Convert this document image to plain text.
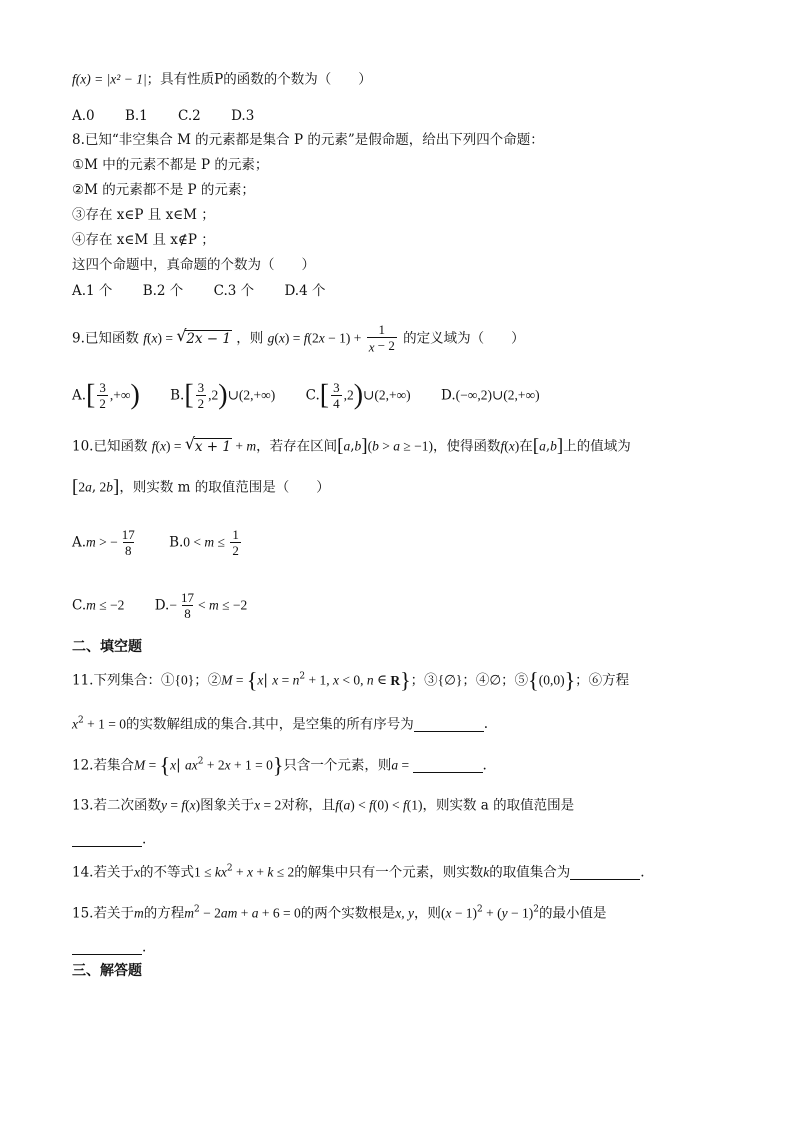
f(x) = |x² − 1|；具有性质P的函数的个数为（　　）
A.0 B.1 C.2 D.3
8.已知“非空集合 M 的元素都是集合 P 的元素”是假命题，给出下列四个命题：
①M 中的元素不都是 P 的元素；
②M 的元素都不是 P 的元素；
③存在 x∈P 且 x∈M ；
④存在 x∈M 且 x∉P ；
这四个命题中，真命题的个数为（　　）
A.1 个 B.2 个 C.3 个 D.4 个
9.已知函数 f(x) = √ 2x − 1 ，则 $g(x) = f(2x - 1) + \frac{1}{x - 2}$ 的定义域为（　　）
$A.[ \frac{3}{2}$ ,+∞) $B.[ \frac{3}{2}$ ,2)∪(2,+∞) $C.[ \frac{3}{4}$ ,2)∪(2,+∞) D.(−∞,2)∪(2,+∞)
10.已知函数 f(x) = √ x + 1 + m，若存在区间[a,b](b > a ≥ −1)，使得函数f(x)在[a,b]上的值域为
[2a, 2b]，则实数 m 的取值范围是（　　）
A.m > − $\frac{17}{8} B.0 < m \le \frac{1}{2}$
C.m ≤ −2 $D.- \frac{17}{8} < m \le -2$
二、填空题
11.下列集合：①{0}；②M = {x| $x = n^2 + 1$, x < 0, n ∈ R}；③{∅}；④∅；⑤{(0,0)}；⑥方程
$x^2 + 1 = 0$的实数解组成的集合.其中，是空集的所有序号为	.
12.若集合M = {x| $ax^2 + 2x + 1 = 0$}只含一个元素，则a =	.
13.若二次函数y = f(x)图象关于x = 2对称，且f(a) < f(0) < f(1)，则实数 a 的取值范围是
.
14.若关于x的不等式$1 \le kx^2 + x + k \le 2$的解集中只有一个元素，则实数k的取值集合为	.
15.若关于m的方程$m^2 - 2am + a + 6 = 0$的两个实数根是x, y，则$(x - 1)^2 + (y - 1)^2$的最小值是
.
三、解答题
